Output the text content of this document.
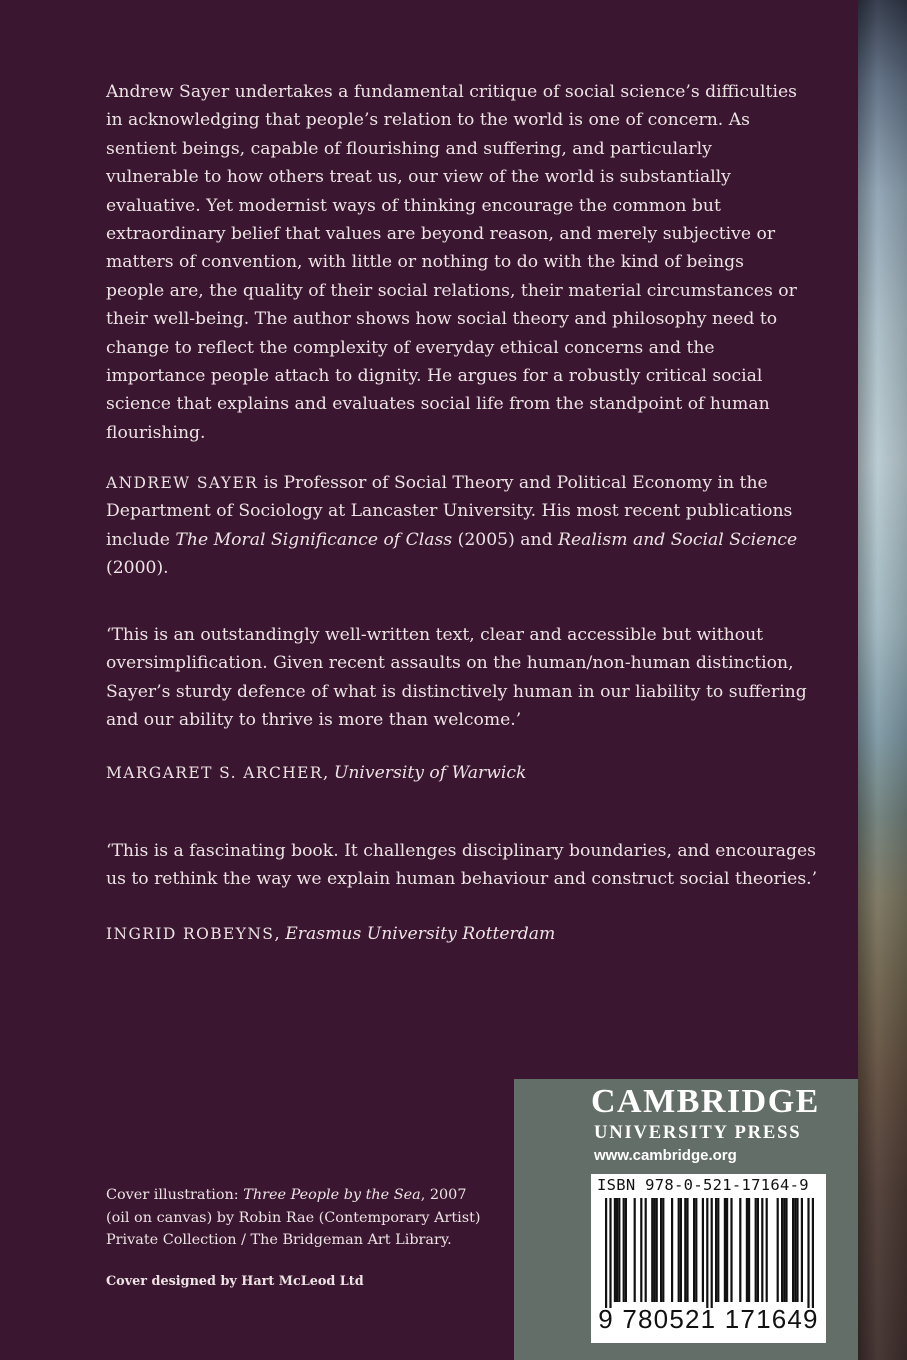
Andrew Sayer undertakes a fundamental critique of social science’s difficulties in acknowledging that people’s relation to the world is one of concern. As sentient beings, capable of flourishing and suffering, and particularly vulnerable to how others treat us, our view of the world is substantially evaluative. Yet modernist ways of thinking encourage the common but extraordinary belief that values are beyond reason, and merely subjective or matters of convention, with little or nothing to do with the kind of beings people are, the quality of their social relations, their material circumstances or their well-being. The author shows how social theory and philosophy need to change to reflect the complexity of everyday ethical concerns and the importance people attach to dignity. He argues for a robustly critical social science that explains and evaluates social life from the standpoint of human flourishing.

ANDREW SAYER is Professor of Social Theory and Political Economy in the Department of Sociology at Lancaster University. His most recent publications include The Moral Significance of Class (2005) and Realism and Social Science (2000).

‘This is an outstandingly well-written text, clear and accessible but without oversimplification. Given recent assaults on the human/non-human distinction, Sayer’s sturdy defence of what is distinctively human in our liability to suffering and our ability to thrive is more than welcome.’

MARGARET S. ARCHER, University of Warwick

‘This is a fascinating book. It challenges disciplinary boundaries, and encourages us to rethink the way we explain human behaviour and construct social theories.’

INGRID ROBEYNS, Erasmus University Rotterdam

Cover illustration: Three People by the Sea, 2007
(oil on canvas) by Robin Rae (Contemporary Artist)
Private Collection / The Bridgeman Art Library.

Cover designed by Hart McLeod Ltd

CAMBRIDGE

UNIVERSITY PRESS

www.cambridge.org

ISBN 978-0-521-17164-9

9 780521 171649
